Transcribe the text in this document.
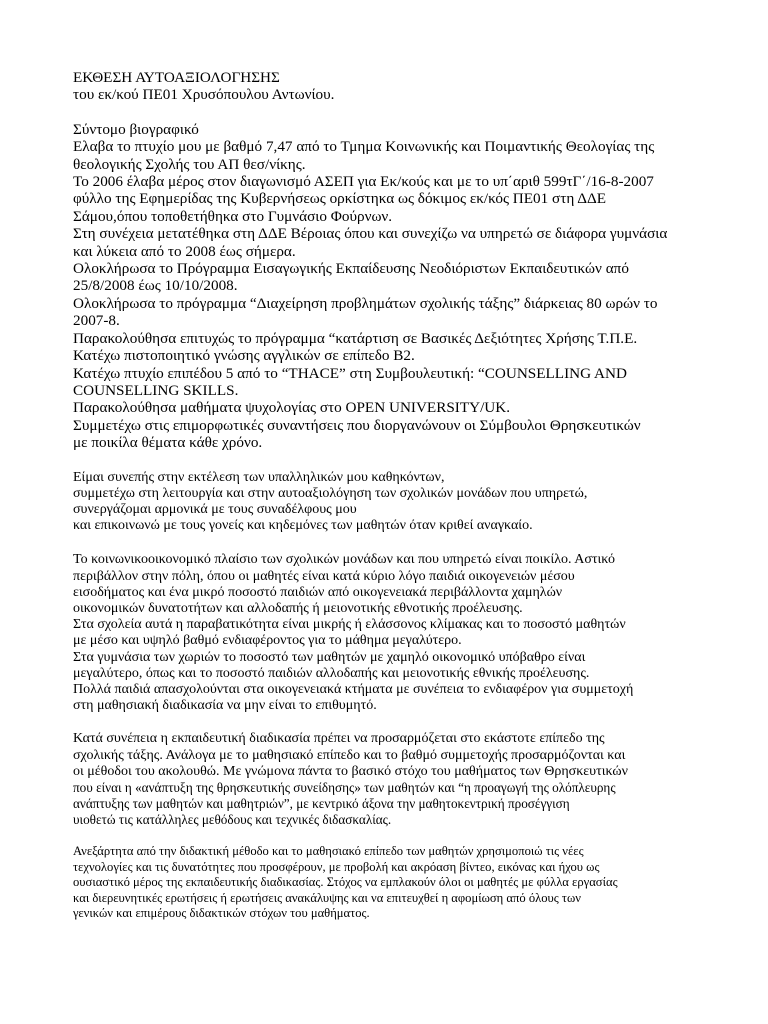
ΕΚΘΕΣΗ ΑΥΤΟΑΞΙΟΛΟΓΗΣΗΣ
του εκ/κού ΠΕ01 Χρυσόπουλου Αντωνίου.
Σύντομο βιογραφικό
Ελαβα το πτυχίο μου με βαθμό 7,47 από το Τμημα Κοινωνικής και Ποιμαντικής Θεολογίας της
θεολογικής Σχολής του ΑΠ θεσ/νίκης.
Το 2006 έλαβα μέρος στον διαγωνισμό ΑΣΕΠ για Εκ/κούς και με το υπ΄αριθ 599τΓ΄/16-8-2007
φύλλο της Εφημερίδας της Κυβερνήσεως ορκίστηκα ως δόκιμος εκ/κός ΠΕ01 στη ΔΔΕ
Σάμου,όπου τοποθετήθηκα στο Γυμνάσιο Φούρνων.
Στη συνέχεια μετατέθηκα στη ΔΔΕ Βέροιας όπου και συνεχίζω να υπηρετώ σε διάφορα γυμνάσια
και λύκεια από το 2008 έως σήμερα.
Ολοκλήρωσα το Πρόγραμμα Εισαγωγικής Εκπαίδευσης Νεοδιόριστων Εκπαιδευτικών από
25/8/2008 έως 10/10/2008.
Ολοκλήρωσα το πρόγραμμα “Διαχείρηση προβλημάτων σχολικής τάξης” διάρκειας 80 ωρών το
2007-8.
Παρακολούθησα επιτυχώς το πρόγραμμα “κατάρτιση σε Βασικές Δεξιότητες Χρήσης Τ.Π.Ε.
Κατέχω πιστοποιητικό γνώσης αγγλικών σε επίπεδο Β2.
Κατέχω πτυχίο επιπέδου 5 από το “THACE” στη Συμβουλευτική: “COUNSELLING AND
COUNSELLING SKILLS.
Παρακολούθησα μαθήματα ψυχολογίας στο OPEN UNIVERSITY/UK.
Συμμετέχω στις επιμορφωτικές συναντήσεις που διοργανώνουν οι Σύμβουλοι Θρησκευτικών
με ποικίλα θέματα κάθε χρόνο.
Είμαι συνεπής στην εκτέλεση των υπαλληλικών μου καθηκόντων,
συμμετέχω στη λειτουργία και στην αυτοαξιολόγηση των σχολικών μονάδων που υπηρετώ,
συνεργάζομαι αρμονικά με τους συναδέλφους μου
και επικοινωνώ με τους γονείς και κηδεμόνες των μαθητών όταν κριθεί αναγκαίο.
Το κοινωνικοοικονομικό πλαίσιο των σχολικών μονάδων και που υπηρετώ είναι ποικίλο. Αστικό
περιβάλλον στην πόλη, όπου οι μαθητές είναι κατά κύριο λόγο παιδιά οικογενειών μέσου
εισοδήματος και ένα μικρό ποσοστό παιδιών από οικογενειακά περιβάλλοντα χαμηλών
οικονομικών δυνατοτήτων και αλλοδαπής ή μειονοτικής εθνοτικής προέλευσης.
Στα σχολεία αυτά η παραβατικότητα είναι μικρής ή ελάσσονος κλίμακας και το ποσοστό μαθητών
με μέσο και υψηλό βαθμό ενδιαφέροντος για το μάθημα μεγαλύτερο.
Στα γυμνάσια των χωριών το ποσοστό των μαθητών με χαμηλό οικονομικό υπόβαθρο είναι
μεγαλύτερο, όπως και το ποσοστό παιδιών αλλοδαπής και μειονοτικής εθνικής προέλευσης.
Πολλά παιδιά απασχολούνται στα οικογενειακά κτήματα με συνέπεια το ενδιαφέρον για συμμετοχή
στη μαθησιακή διαδικασία να μην είναι το επιθυμητό.
Κατά συνέπεια η εκπαιδευτική διαδικασία πρέπει να προσαρμόζεται στο εκάστοτε επίπεδο της
σχολικής τάξης. Ανάλογα με το μαθησιακό επίπεδο και το βαθμό συμμετοχής προσαρμόζονται και
οι μέθοδοι του ακολουθώ. Με γνώμονα πάντα το βασικό στόχο του μαθήματος των Θρησκευτικών
που είναι η «ανάπτυξη της θρησκευτικής συνείδησης» των μαθητών και “η προαγωγή της ολόπλευρης
ανάπτυξης των μαθητών και μαθητριών”, με κεντρικό άξονα την μαθητοκεντρική προσέγγιση
υιοθετώ τις κατάλληλες μεθόδους και τεχνικές διδασκαλίας.
Ανεξάρτητα από την διδακτική μέθοδο και το μαθησιακό επίπεδο των μαθητών χρησιμοποιώ τις νέες
τεχνολογίες και τις δυνατότητες που προσφέρουν, με προβολή και ακρόαση βίντεο, εικόνας και ήχου ως
ουσιαστικό μέρος της εκπαιδευτικής διαδικασίας. Στόχος να εμπλακούν όλοι οι μαθητές με φύλλα εργασίας
και διερευνητικές ερωτήσεις ή ερωτήσεις ανακάλυψης και να επιτευχθεί η αφομίωση από όλους των
γενικών και επιμέρους διδακτικών στόχων του μαθήματος.
